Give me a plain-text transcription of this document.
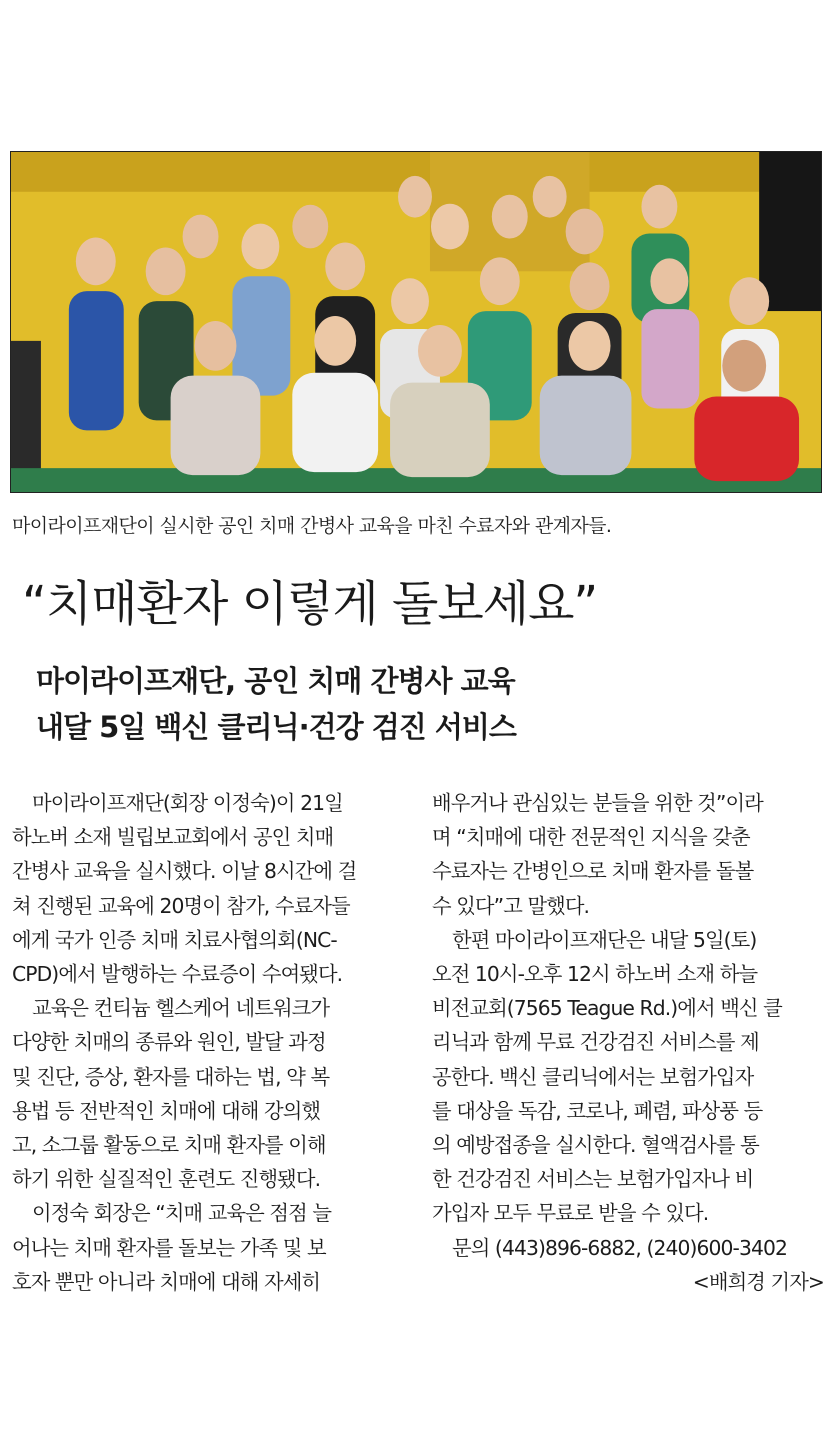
마이라이프재단이 실시한 공인 치매 간병사 교육을 마친 수료자와 관계자들.
“치매환자 이렇게 돌보세요”
마이라이프재단, 공인 치매 간병사 교육
내달 5일 백신 클리닉·건강 검진 서비스
마이라이프재단(회장 이정숙)이 21일
하노버 소재 빌립보교회에서 공인 치매
간병사 교육을 실시했다. 이날 8시간에 걸
쳐 진행된 교육에 20명이 참가, 수료자들
에게 국가 인증 치매 치료사협의회(NC-
CPD)에서 발행하는 수료증이 수여됐다.
교육은 컨티늄 헬스케어 네트워크가
다양한 치매의 종류와 원인, 발달 과정
및 진단, 증상, 환자를 대하는 법, 약 복
용법 등 전반적인 치매에 대해 강의했
고, 소그룹 활동으로 치매 환자를 이해
하기 위한 실질적인 훈련도 진행됐다.
이정숙 회장은 “치매 교육은 점점 늘
어나는 치매 환자를 돌보는 가족 및 보
호자 뿐만 아니라 치매에 대해 자세히
배우거나 관심있는 분들을 위한 것”이라
며 “치매에 대한 전문적인 지식을 갖춘
수료자는 간병인으로 치매 환자를 돌볼
수 있다”고 말했다.
한편 마이라이프재단은 내달 5일(토)
오전 10시-오후 12시 하노버 소재 하늘
비전교회(7565 Teague Rd.)에서 백신 클
리닉과 함께 무료 건강검진 서비스를 제
공한다. 백신 클리닉에서는 보험가입자
를 대상을 독감, 코로나, 폐렴, 파상풍 등
의 예방접종을 실시한다. 혈액검사를 통
한 건강검진 서비스는 보험가입자나 비
가입자 모두 무료로 받을 수 있다.
문의 (443)896-6882, (240)600-3402
<배희경 기자>
